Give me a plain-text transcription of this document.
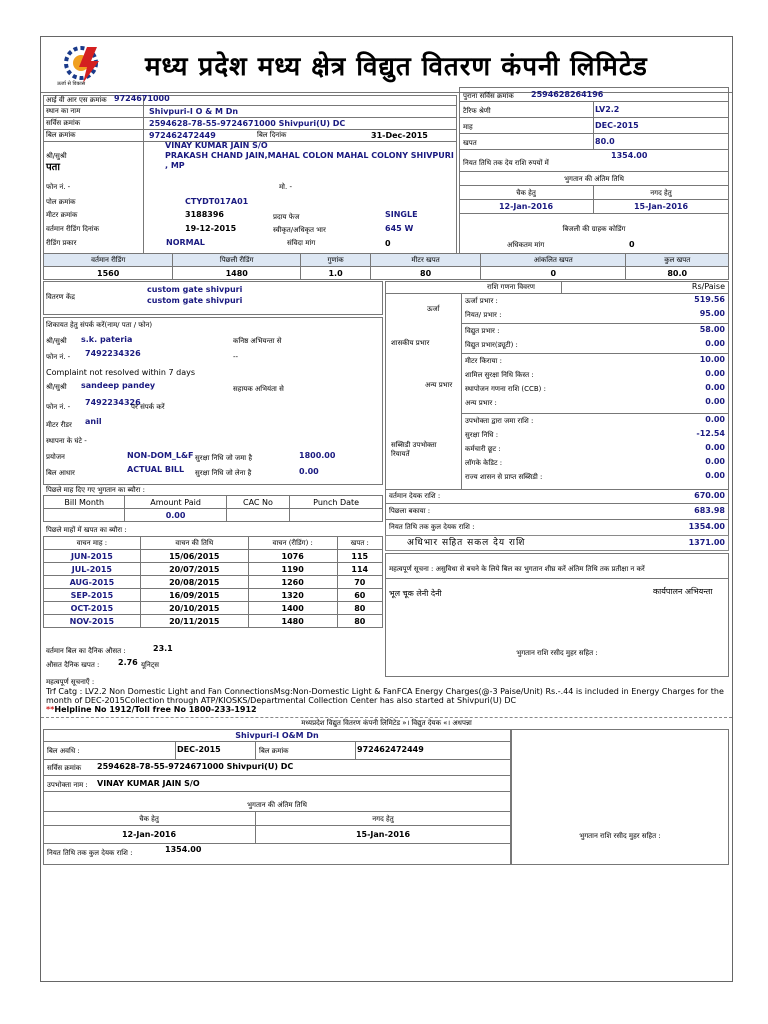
ऊर्जा से विकास
मध्य प्रदेश मध्य क्षेत्र विद्युत वितरण कंपनी लिमिटेड
आई वी आर एस क्रमांक 9724671000
स्थान का नाम	Shivpuri-I O & M Dn
सर्विस क्रमांक	2594628-78-55-9724671000 Shivpuri(U) DC
बिल क्रमांक	972462472449	बिल दिनांक	31-Dec-2015
श्री/सुश्री
VINAY KUMAR JAIN S/O
पता
PRAKASH CHAND JAIN,MAHAL COLON MAHAL COLONY SHIVPURI , MP
फोन नं. -	मो. -
पोल क्रमांक	CTYDT017A01
मीटर क्रमांक	3188396	प्रदाय फेज	SINGLE
वर्तमान रीडिंग दिनांक	19-12-2015	स्वीकृत/अधिकृत भार	645 W
रीडिंग प्रकार	NORMAL	संविदा मांग	0
पुराना सर्विस क्रमांक 2594628264196
टैरिफ श्रेणी	LV2.2
माह	DEC-2015
खपत	80.0
नियत तिथि तक देय राशि रुपयों में
1354.00
भुगतान की अंतिम तिथि
चैक हेतु	नगद हेतु
12-Jan-2016	15-Jan-2016
बिजली की ग्राहक कोडिंग
अधिकतम मांग	0
वर्तमान रीडिंग	पिछली रीडिंग	गुणांक	मीटर खपत	आंकलित खपत	कुल खपत
1560	1480	1.0	80	0	80.0
वितरण केंद्र
custom gate shivpuri
custom gate shivpuri
शिकायत हेतु संपर्क करें(नाम/ पता / फोन)
श्री/सुश्री s.k. pateria	कनिष्ठ अभियन्ता से
फोन नं. - 7492234326	--
Complaint not resolved within 7 days
श्री/सुश्री sandeep pandey	सहायक अभियंता से
फोन नं. - 7492234326
पर संपर्क करें
मीटर रीडर anil
स्थापना के घंटे -
प्रयोजन	NON-DOM_L&F सुरक्षा निधि जो जमा है	1800.00
बिल आधार	ACTUAL BILL सुरक्षा निधि जो लेना है	0.00
पिछले माह दिए गए भुगतान का ब्यौरा :
Bill Month	Amount Paid	CAC No	Punch Date
	0.00		
पिछले माहों में खपत का ब्यौरा :
वाचन माह :	वाचन की तिथि	वाचन (रीडिंग) :	खपत :
JUN-2015	15/06/2015	1076	115
JUL-2015	20/07/2015	1190	114
AUG-2015	20/08/2015	1260	70
SEP-2015	16/09/2015	1320	60
OCT-2015	20/10/2015	1400	80
NOV-2015	20/11/2015	1480	80
वर्तमान बिल का दैनिक औसत :	23.1
औसत दैनिक खपत : 2.76 यूनिट्स
राशि गणना विवरण	Rs/Paise
ऊर्जा
शासकीय प्रभार
अन्य प्रभार
सब्सिडी उपभोक्ता रियायतें
ऊर्जा प्रभार :	519.56
नियत/ प्रभार :	95.00
विद्युत प्रभार :	58.00
विद्युत प्रभार(ड्यूटी) :	0.00
मीटर किराया :	10.00
शामिल सुरक्षा निधि किस्त :	0.00
स्थापोजन गणना राशि (CCB) :	0.00
अन्य प्रभार :	0.00
उपभोक्ता द्वारा जमा राशि :	0.00
सुरक्षा निधि :	-12.54
कर्मचारी छूट :	0.00
लॉगके केडिट :	0.00
राज्य शासन से प्राप्त सब्सिडी :	0.00
वर्तमान देयक राशि :	670.00
पिछला बकाया :	683.98
नियत तिथि तक कुल देयक राशि :	1354.00
अधिभार सहित सकल देय राशि	1371.00
महत्वपूर्ण सूचना : असुविधा से बचने के लिये बिल का भुगतान शीघ्र करें अंतिम तिथि तक प्रतीक्षा न करें
भूल चूक लेनी देनी	कार्यपालन अभियन्ता
भुगतान राशि रसीद मुहर सहित :
महत्वपूर्ण सूचनाएँ :
Trf Catg : LV2.2 Non Domestic Light and Fan ConnectionsMsg:Non-Domestic Light & FanFCA Energy Charges(@-3 Paise/Unit) Rs.-.44 is included in Energy Charges for the month of DEC-2015Collection through ATP/KIOSKS/Departmental Collection Center has also started at Shivpuri(U) DC
**Helpline No 1912/Toll free No 1800-233-1912
मध्यप्रदेश विद्युत वितरण कंपनी लिमिटेड »। विद्युत देयक «। अधपन्ना
Shivpuri-I O&M Dn
बिल अवधि :	DEC-2015	बिल क्रमांक	972462472449
सर्विस क्रमांक 2594628-78-55-9724671000 Shivpuri(U) DC
उपभोक्ता नाम : VINAY KUMAR JAIN S/O
भुगतान की अंतिम तिथि
चैक हेतु	नगद हेतु
12-Jan-2016	15-Jan-2016
नियत तिथि तक कुल देयक राशि :	1354.00
भुगतान राशि रसीद मुहर सहित :
